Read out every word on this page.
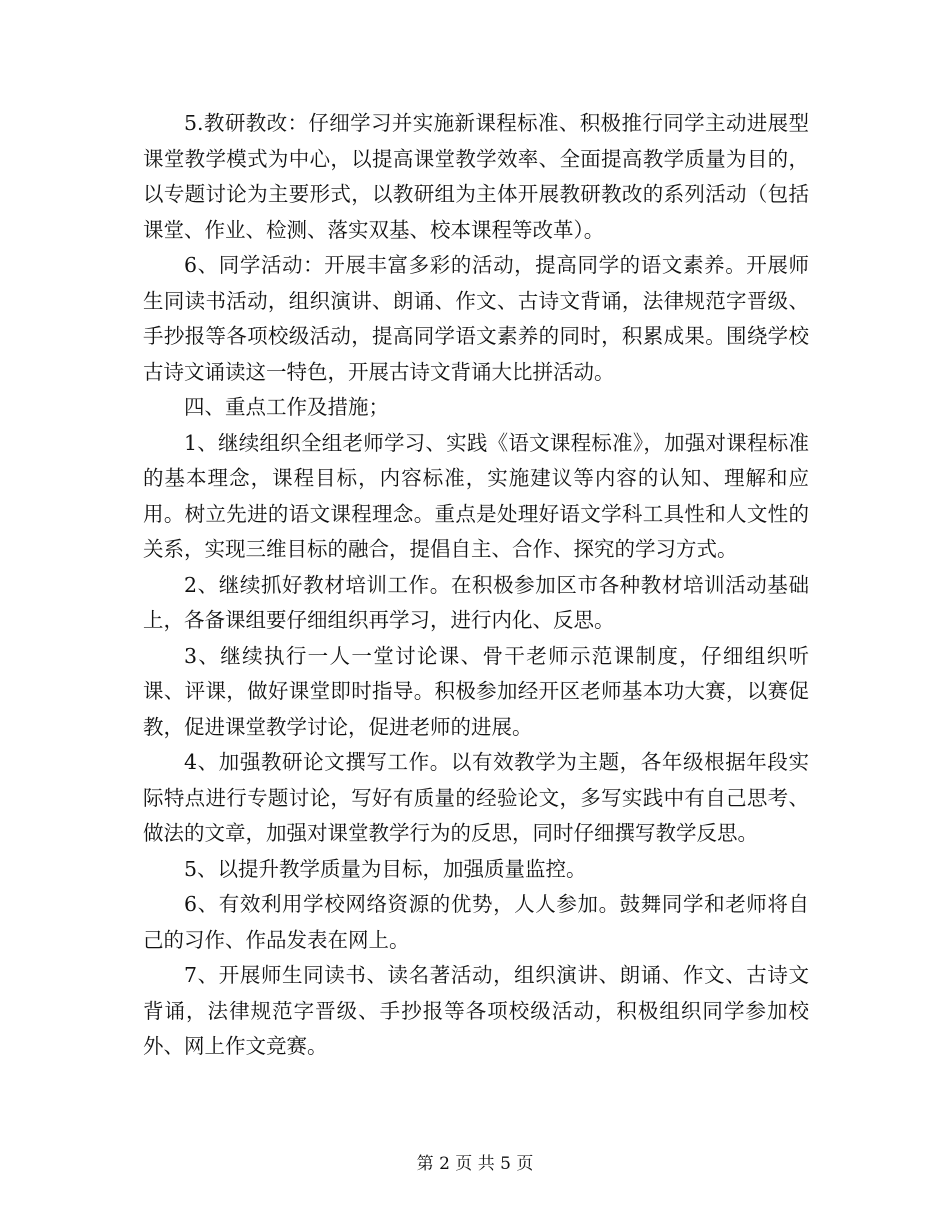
5.教研教改：仔细学习并实施新课程标准、积极推行同学主动进展型课堂教学模式为中心，以提高课堂教学效率、全面提高教学质量为目的，以专题讨论为主要形式，以教研组为主体开展教研教改的系列活动（包括课堂、作业、检测、落实双基、校本课程等改革）。

6、同学活动：开展丰富多彩的活动，提高同学的语文素养。开展师生同读书活动，组织演讲、朗诵、作文、古诗文背诵，法律规范字晋级、手抄报等各项校级活动，提高同学语文素养的同时，积累成果。围绕学校古诗文诵读这一特色，开展古诗文背诵大比拼活动。

四、重点工作及措施；

1、继续组织全组老师学习、实践《语文课程标准》，加强对课程标准的基本理念，课程目标，内容标准，实施建议等内容的认知、理解和应用。树立先进的语文课程理念。重点是处理好语文学科工具性和人文性的关系，实现三维目标的融合，提倡自主、合作、探究的学习方式。

2、继续抓好教材培训工作。在积极参加区市各种教材培训活动基础上，各备课组要仔细组织再学习，进行内化、反思。

3、继续执行一人一堂讨论课、骨干老师示范课制度，仔细组织听课、评课，做好课堂即时指导。积极参加经开区老师基本功大赛，以赛促教，促进课堂教学讨论，促进老师的进展。

4、加强教研论文撰写工作。以有效教学为主题，各年级根据年段实际特点进行专题讨论，写好有质量的经验论文，多写实践中有自己思考、做法的文章，加强对课堂教学行为的反思，同时仔细撰写教学反思。

5、以提升教学质量为目标，加强质量监控。

6、有效利用学校网络资源的优势，人人参加。鼓舞同学和老师将自己的习作、作品发表在网上。

7、开展师生同读书、读名著活动，组织演讲、朗诵、作文、古诗文背诵，法律规范字晋级、手抄报等各项校级活动，积极组织同学参加校外、网上作文竞赛。

第 2 页 共 5 页
